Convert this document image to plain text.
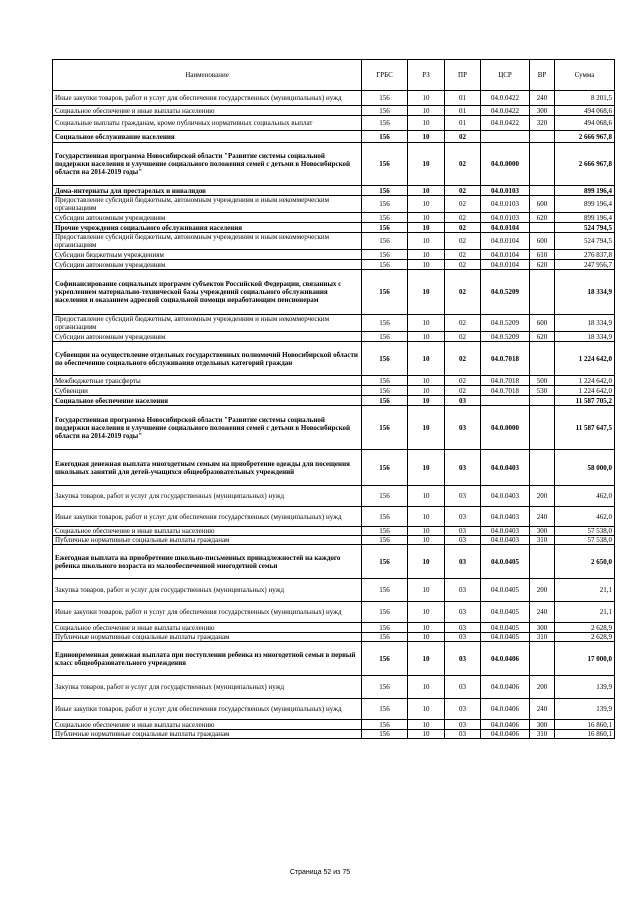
Наименование	ГРБС	РЗ	ПР	ЦСР	ВР	Сумма
Иные закупки товаров, работ и услуг для обеспечения государственных (муниципальных) нужд	156	10	01	04.0.0422	240	8 201,5
Социальное обеспечение и иные выплаты населению	156	10	01	04.0.0422	300	494 068,6
Социальные выплаты гражданам, кроме публичных нормативных социальных выплат	156	10	01	04.0.0422	320	494 068,6
Социальное обслуживание населения	156	10	02			2 666 967,8
Государственная программа Новосибирской области "Развитие системы социальной поддержки населения и улучшение социального положения семей с детьми в Новосибирской области на 2014-2019 годы"	156	10	02	04.0.0000		2 666 967,8
Дома-интернаты для престарелых и инвалидов	156	10	02	04.0.0103		899 196,4
Предоставление субсидий бюджетным, автономным учреждениям и иным некоммерческим организациям	156	10	02	04.0.0103	600	899 196,4
Субсидии автономным учреждениям	156	10	02	04.0.0103	620	899 196,4
Прочие учреждения социального обслуживания населения	156	10	02	04.0.0104		524 794,5
Предоставление субсидий бюджетным, автономным учреждениям и иным некоммерческим организациям	156	10	02	04.0.0104	600	524 794,5
Субсидии бюджетным учреждениям	156	10	02	04.0.0104	610	276 837,8
Субсидии автономным учреждениям	156	10	02	04.0.0104	620	247 956,7
Софинансирование социальных программ субъектов Российской Федерации, связанных с укреплением материально-технической базы учреждений социального обслуживания населения и оказанием адресной социальной помощи неработающим пенсионерам	156	10	02	04.0.5209		18 334,9
Предоставление субсидий бюджетным, автономным учреждениям и иным некоммерческим организациям	156	10	02	04.0.5209	600	18 334,9
Субсидии автономным учреждениям	156	10	02	04.0.5209	620	18 334,9
Субвенции на осуществление отдельных государственных полномочий Новосибирской области по обеспечению социального обслуживания отдельных категорий граждан	156	10	02	04.0.7018		1 224 642,0
Межбюджетные трансферты	156	10	02	04.0.7018	500	1 224 642,0
Субвенции	156	10	02	04.0.7018	530	1 224 642,0
Социальное обеспечение населения	156	10	03			11 587 705,2
Государственная программа Новосибирской области "Развитие системы социальной поддержки населения и улучшение социального положения семей с детьми в Новосибирской области на 2014-2019 годы"	156	10	03	04.0.0000		11 587 647,5
Ежегодная денежная выплата многодетным семьям на приобретение одежды для посещения школьных занятий для детей-учащихся общеобразовательных учреждений	156	10	03	04.0.0403		58 000,0
Закупка товаров, работ и услуг для государственных (муниципальных) нужд	156	10	03	04.0.0403	200	462,0
Иные закупки товаров, работ и услуг для обеспечения государственных (муниципальных) нужд	156	10	03	04.0.0403	240	462,0
Социальное обеспечение и иные выплаты населению	156	10	03	04.0.0403	300	57 538,0
Публичные нормативные социальные выплаты гражданам	156	10	03	04.0.0403	310	57 538,0
Ежегодная выплата на приобретение школьно-письменных принадлежностей на каждого ребенка школьного возраста из малообеспеченной многодетной семьи	156	10	03	04.0.0405		2 650,0
Закупка товаров, работ и услуг для государственных (муниципальных) нужд	156	10	03	04.0.0405	200	21,1
Иные закупки товаров, работ и услуг для обеспечения государственных (муниципальных) нужд	156	10	03	04.0.0405	240	21,1
Социальное обеспечение и иные выплаты населению	156	10	03	04.0.0405	300	2 628,9
Публичные нормативные социальные выплаты гражданам	156	10	03	04.0.0405	310	2 628,9
Единовременная денежная выплата при поступлении ребенка из многодетной семьи в первый класс общеобразовательного учреждения	156	10	03	04.0.0406		17 000,0
Закупка товаров, работ и услуг для государственных (муниципальных) нужд	156	10	03	04.0.0406	200	139,9
Иные закупки товаров, работ и услуг для обеспечения государственных (муниципальных) нужд	156	10	03	04.0.0406	240	139,9
Социальное обеспечение и иные выплаты населению	156	10	03	04.0.0406	300	16 860,1
Публичные нормативные социальные выплаты гражданам	156	10	03	04.0.0406	310	16 860,1
Страница 52 из 75
